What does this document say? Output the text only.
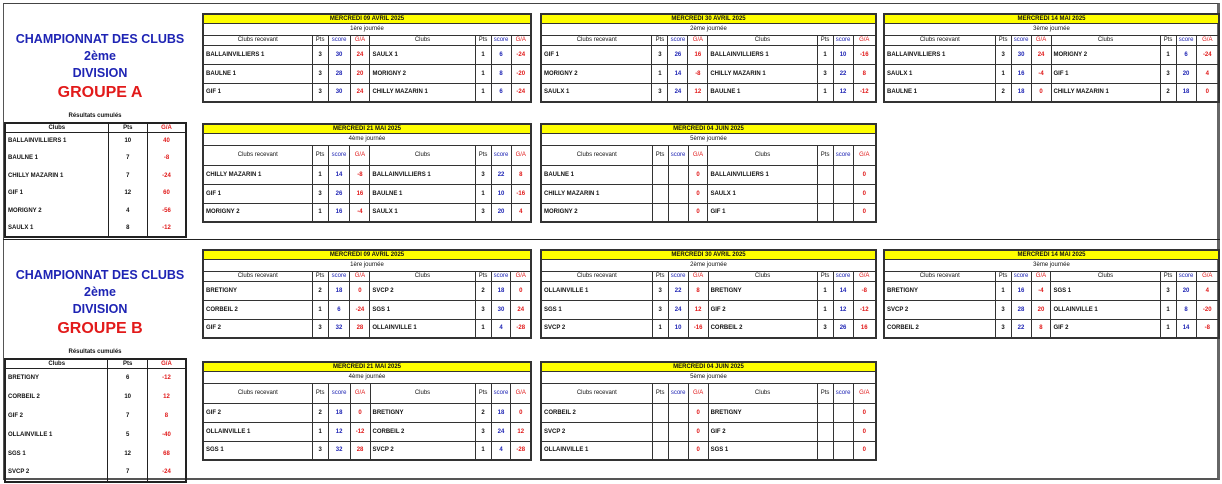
CHAMPIONNAT DES CLUBS 2ème
DIVISION
GROUPE A
Résultats cumulés
Clubs	Pts	G/A
BALLAINVILLIERS 1	10	40
BAULNE 1	7	-8
CHILLY MAZARIN 1	7	-24
GIF 1	12	60
MORIGNY 2	4	-56
SAULX 1	8	-12
MERCREDI 09 AVRIL 2025							
1ère journée							
Clubs recevant	Pts	score	G/A	Clubs	Pts	score	G/A
BALLAINVILLIERS 1	3	30	24	SAULX 1	1	6	-24
BAULNE 1	3	28	20	MORIGNY 2	1	8	-20
GIF 1	3	30	24	CHILLY MAZARIN 1	1	6	-24
MERCREDI 30 AVRIL 2025							
2ème journée							
Clubs recevant	Pts	score	G/A	Clubs	Pts	score	G/A
GIF 1	3	26	16	BALLAINVILLIERS 1	1	10	-16
MORIGNY 2	1	14	-8	CHILLY MAZARIN 1	3	22	8
SAULX 1	3	24	12	BAULNE 1	1	12	-12
MERCREDI 14 MAI 2025							
3ème journée							
Clubs recevant	Pts	score	G/A	Clubs	Pts	score	G/A
BALLAINVILLIERS 1	3	30	24	MORIGNY 2	1	6	-24
SAULX 1	1	16	-4	GIF 1	3	20	4
BAULNE 1	2	18	0	CHILLY MAZARIN 1	2	18	0
MERCREDI 21 MAI 2025							
4ème journée							
Clubs recevant	Pts	score	G/A	Clubs	Pts	score	G/A
CHILLY MAZARIN 1	1	14	-8	BALLAINVILLIERS 1	3	22	8
GIF 1	3	26	16	BAULNE 1	1	10	-16
MORIGNY 2	1	16	-4	SAULX 1	3	20	4
MERCREDI 04 JUIN 2025							
5ème journée							
Clubs recevant	Pts	score	G/A	Clubs	Pts	score	G/A
BAULNE 1			0	BALLAINVILLIERS 1			0
CHILLY MAZARIN 1			0	SAULX 1			0
MORIGNY 2			0	GIF 1			0
CHAMPIONNAT DES CLUBS 2ème
DIVISION
GROUPE B
Résultats cumulés
Clubs	Pts	G/A
BRETIGNY	6	-12
CORBEIL 2	10	12
GIF 2	7	8
OLLAINVILLE 1	5	-40
SGS 1	12	68
SVCP 2	7	-24
MERCREDI 09 AVRIL 2025							
1ère journée							
Clubs recevant	Pts	score	G/A	Clubs	Pts	score	G/A
BRETIGNY	2	18	0	SVCP 2	2	18	0
CORBEIL 2	1	6	-24	SGS 1	3	30	24
GIF 2	3	32	28	OLLAINVILLE 1	1	4	-28
MERCREDI 30 AVRIL 2025							
2ème journée							
Clubs recevant	Pts	score	G/A	Clubs	Pts	score	G/A
OLLAINVILLE 1	3	22	8	BRETIGNY	1	14	-8
SGS 1	3	24	12	GIF 2	1	12	-12
SVCP 2	1	10	-16	CORBEIL 2	3	26	16
MERCREDI 14 MAI 2025							
3ème journée							
Clubs recevant	Pts	score	G/A	Clubs	Pts	score	G/A
BRETIGNY	1	16	-4	SGS 1	3	20	4
SVCP 2	3	28	20	OLLAINVILLE 1	1	8	-20
CORBEIL 2	3	22	8	GIF 2	1	14	-8
MERCREDI 21 MAI 2025							
4ème journée							
Clubs recevant	Pts	score	G/A	Clubs	Pts	score	G/A
GIF 2	2	18	0	BRETIGNY	2	18	0
OLLAINVILLE 1	1	12	-12	CORBEIL 2	3	24	12
SGS 1	3	32	28	SVCP 2	1	4	-28
MERCREDI 04 JUIN 2025							
5ème journée							
Clubs recevant	Pts	score	G/A	Clubs	Pts	score	G/A
CORBEIL 2			0	BRETIGNY			0
SVCP 2			0	GIF 2			0
OLLAINVILLE 1			0	SGS 1			0
